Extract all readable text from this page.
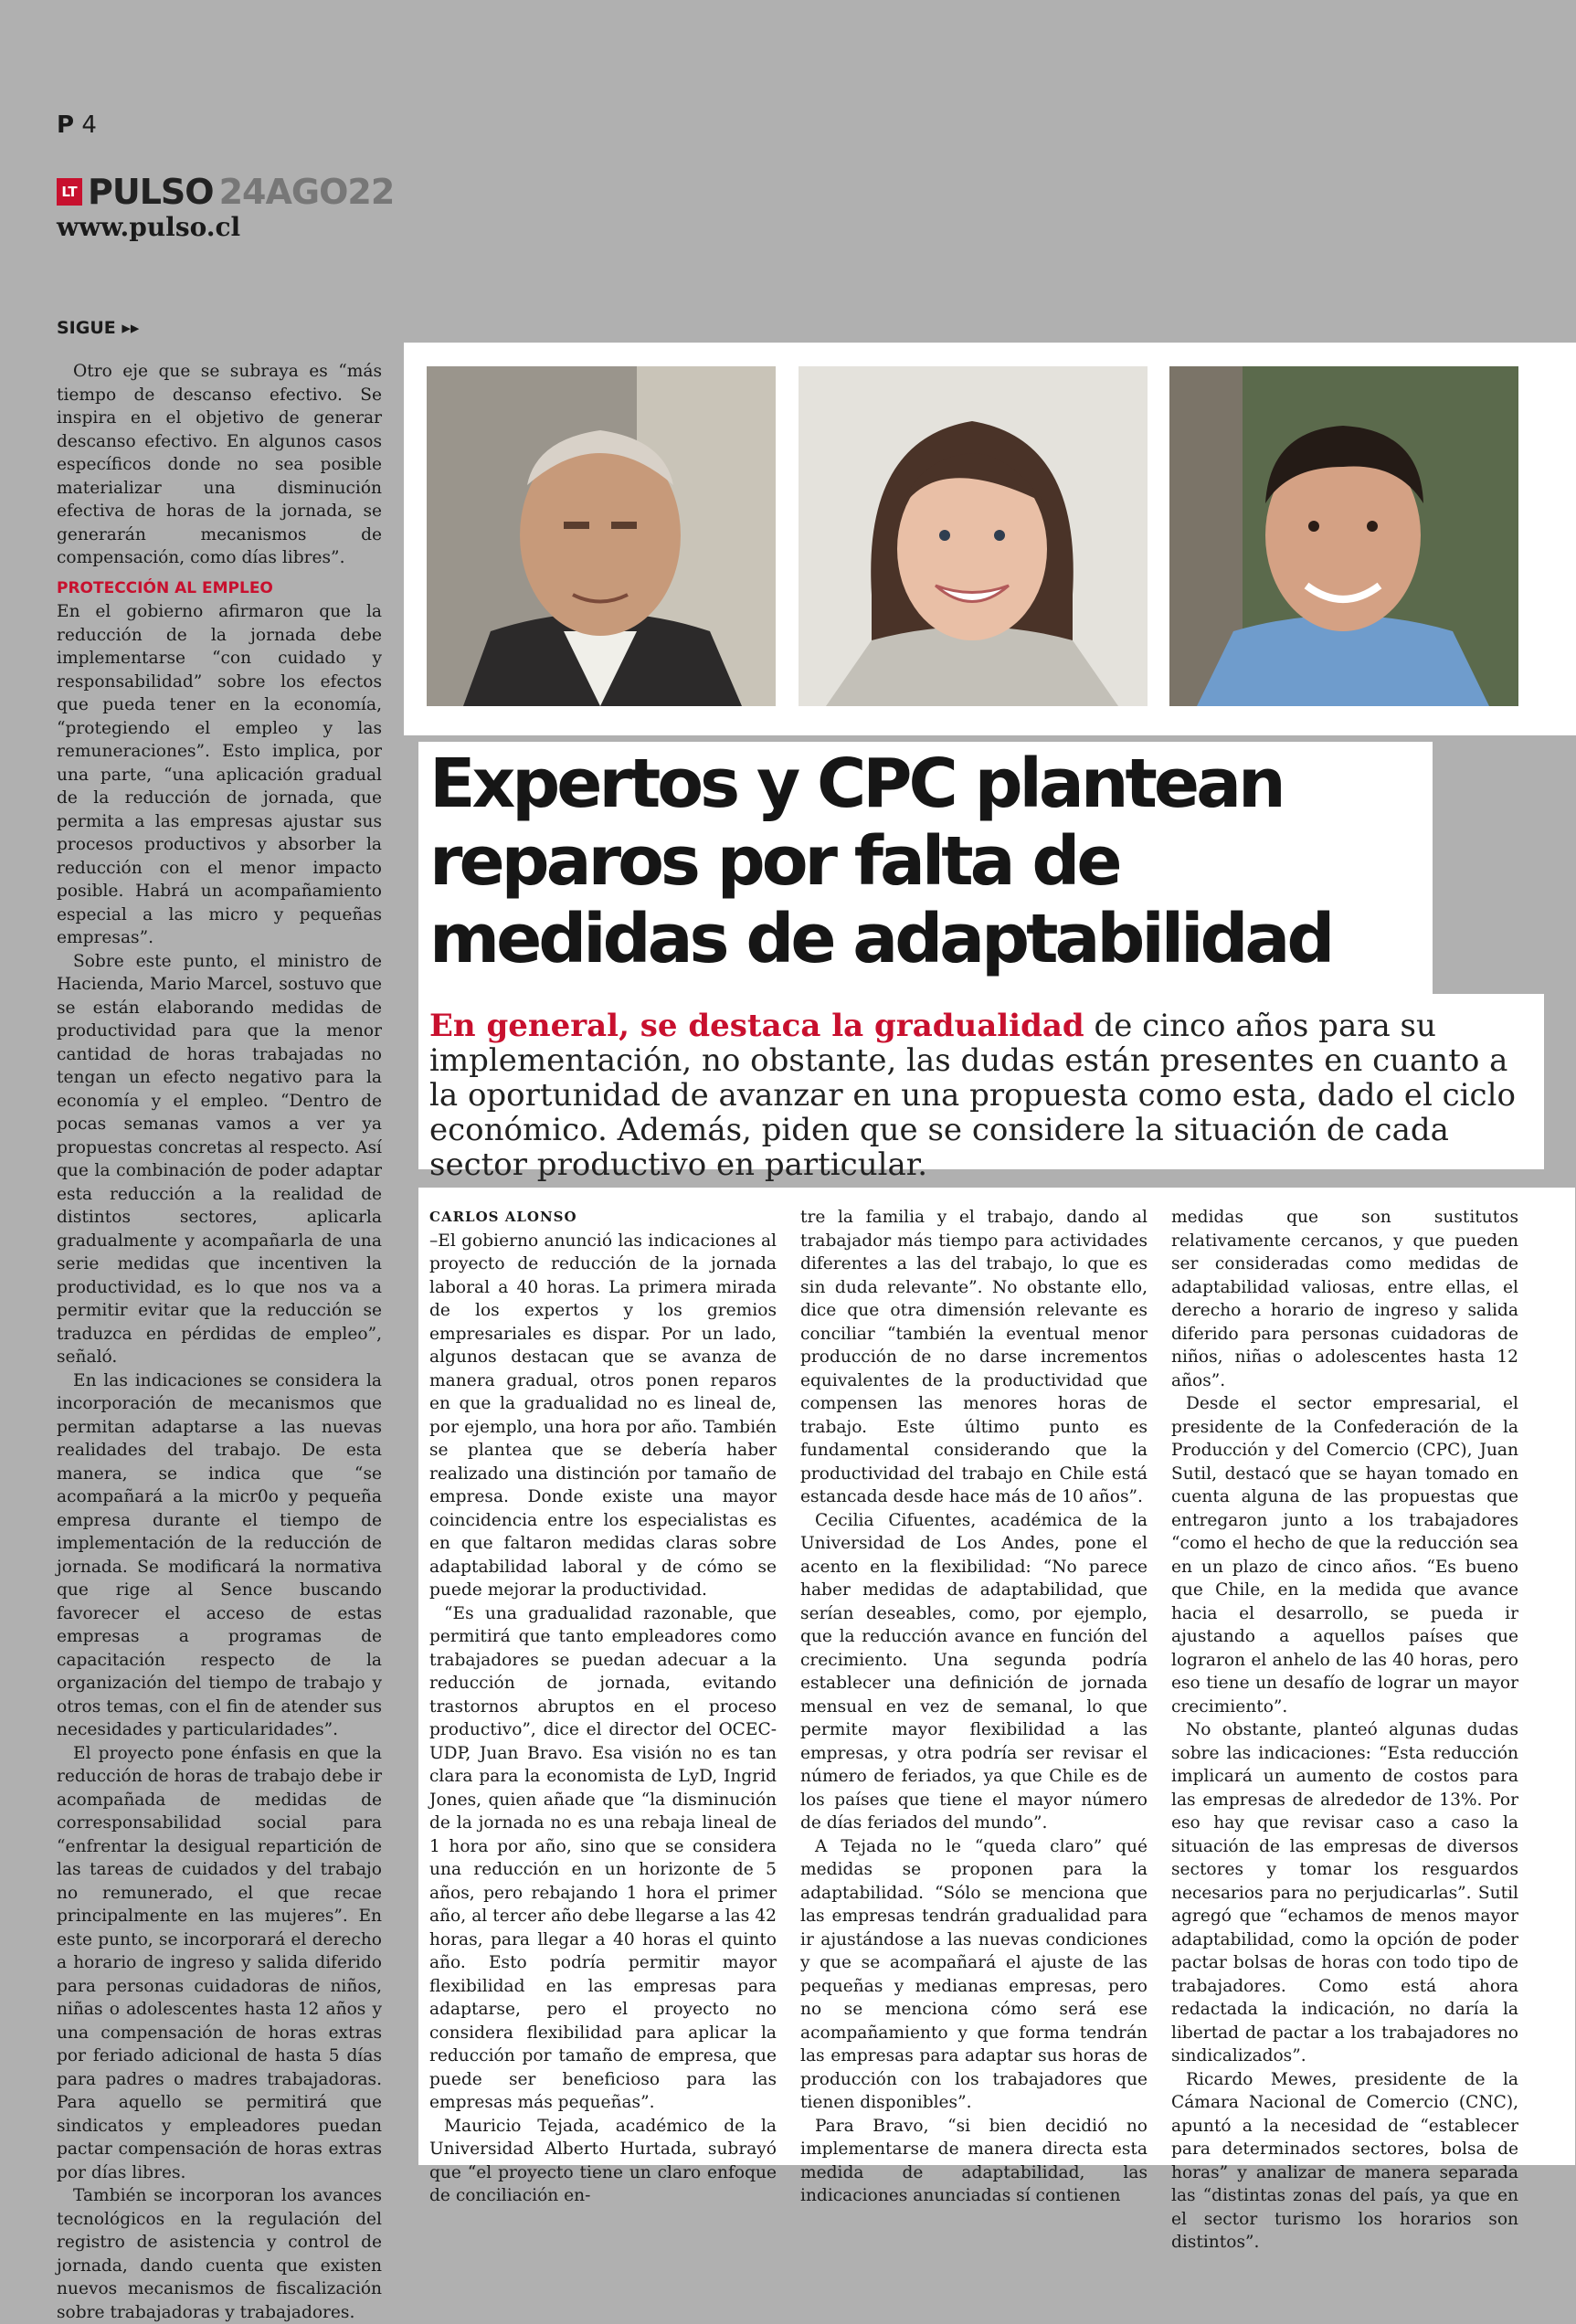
P 4
LT PULSO 24AGO22
www.pulso.cl
SIGUE ▸▸

Otro eje que se subraya es “más tiempo de descanso efectivo. Se inspira en el objetivo de generar descanso efectivo. En algunos casos específicos donde no sea posible materializar una disminución efectiva de horas de la jornada, se generarán mecanismos de compensación, como días libres”.

PROTECCIÓN AL EMPLEO

En el gobierno afirmaron que la reducción de la jornada debe implementarse “con cuidado y responsabilidad” sobre los efectos que pueda tener en la economía, “protegiendo el empleo y las remuneraciones”. Esto implica, por una parte, “una aplicación gradual de la reducción de jornada, que permita a las empresas ajustar sus procesos productivos y absorber la reducción con el menor impacto posible. Habrá un acompañamiento especial a las micro y pequeñas empresas”.

Sobre este punto, el ministro de Hacienda, Mario Marcel, sostuvo que se están elaborando medidas de productividad para que la menor cantidad de horas trabajadas no tengan un efecto negativo para la economía y el empleo. “Dentro de pocas semanas vamos a ver ya propuestas concretas al respecto. Así que la combinación de poder adaptar esta reducción a la realidad de distintos sectores, aplicarla gradualmente y acompañarla de una serie medidas que incentiven la productividad, es lo que nos va a permitir evitar que la reducción se traduzca en pérdidas de empleo”, señaló.

En las indicaciones se considera la incorporación de mecanismos que permitan adaptarse a las nuevas realidades del trabajo. De esta manera, se indica que “se acompañará a la micr0o y pequeña empresa durante el tiempo de implementación de la reducción de jornada. Se modificará la normativa que rige al Sence buscando favorecer el acceso de estas empresas a programas de capacitación respecto de la organización del tiempo de trabajo y otros temas, con el fin de atender sus necesidades y particularidades”.

El proyecto pone énfasis en que la reducción de horas de trabajo debe ir acompañada de medidas de corresponsabilidad social para “enfrentar la desigual repartición de las tareas de cuidados y del trabajo no remunerado, el que recae principalmente en las mujeres”. En este punto, se incorporará el derecho a horario de ingreso y salida diferido para personas cuidadoras de niños, niñas o adolescentes hasta 12 años y una compensación de horas extras por feriado adicional de hasta 5 días para padres o madres trabajadoras. Para aquello se permitirá que sindicatos y empleadores puedan pactar compensación de horas extras por días libres.

También se incorporan los avances tecnológicos en la regulación del registro de asistencia y control de jornada, dando cuenta que existen nuevos mecanismos de fiscalización sobre trabajadoras y trabajadores.

Expertos y CPC plantean reparos por falta de medidas de adaptabilidad
En general, se destaca la gradualidad de cinco años para su implementación, no obstante, las dudas están presentes en cuanto a la oportunidad de avanzar en una propuesta como esta, dado el ciclo económico. Además, piden que se considere la situación de cada sector productivo en particular.

CARLOS ALONSO

–El gobierno anunció las indicaciones al proyecto de reducción de la jornada laboral a 40 horas. La primera mirada de los expertos y los gremios empresariales es dispar. Por un lado, algunos destacan que se avanza de manera gradual, otros ponen reparos en que la gradualidad no es lineal de, por ejemplo, una hora por año. También se plantea que se debería haber realizado una distinción por tamaño de empresa. Donde existe una mayor coincidencia entre los especialistas es en que faltaron medidas claras sobre adaptabilidad laboral y de cómo se puede mejorar la productividad.

“Es una gradualidad razonable, que permitirá que tanto empleadores como trabajadores se puedan adecuar a la reducción de jornada, evitando trastornos abruptos en el proceso productivo”, dice el director del OCEC-UDP, Juan Bravo. Esa visión no es tan clara para la economista de LyD, Ingrid Jones, quien añade que “la disminución de la jornada no es una rebaja lineal de 1 hora por año, sino que se considera una reducción en un horizonte de 5 años, pero rebajando 1 hora el primer año, al tercer año debe llegarse a las 42 horas, para llegar a 40 horas el quinto año. Esto podría permitir mayor flexibilidad en las empresas para adaptarse, pero el proyecto no considera flexibilidad para aplicar la reducción por tamaño de empresa, que puede ser beneficioso para las empresas más pequeñas”.

Mauricio Tejada, académico de la Universidad Alberto Hurtada, subrayó que “el proyecto tiene un claro enfoque de conciliación en-

tre la familia y el trabajo, dando al trabajador más tiempo para actividades diferentes a las del trabajo, lo que es sin duda relevante”. No obstante ello, dice que otra dimensión relevante es conciliar “también la eventual menor producción de no darse incrementos equivalentes de la productividad que compensen las menores horas de trabajo. Este último punto es fundamental considerando que la productividad del trabajo en Chile está estancada desde hace más de 10 años”.

Cecilia Cifuentes, académica de la Universidad de Los Andes, pone el acento en la flexibilidad: “No parece haber medidas de adaptabilidad, que serían deseables, como, por ejemplo, que la reducción avance en función del crecimiento. Una segunda podría establecer una definición de jornada mensual en vez de semanal, lo que permite mayor flexibilidad a las empresas, y otra podría ser revisar el número de feriados, ya que Chile es de los países que tiene el mayor número de días feriados del mundo”.

A Tejada no le “queda claro” qué medidas se proponen para la adaptabilidad. “Sólo se menciona que las empresas tendrán gradualidad para ir ajustándose a las nuevas condiciones y que se acompañará el ajuste de las pequeñas y medianas empresas, pero no se menciona cómo será ese acompañamiento y que forma tendrán las empresas para adaptar sus horas de producción con los trabajadores que tienen disponibles”.

Para Bravo, “si bien decidió no implementarse de manera directa esta medida de adaptabilidad, las indicaciones anunciadas sí contienen

medidas que son sustitutos relativamente cercanos, y que pueden ser consideradas como medidas de adaptabilidad valiosas, entre ellas, el derecho a horario de ingreso y salida diferido para personas cuidadoras de niños, niñas o adolescentes hasta 12 años”.

Desde el sector empresarial, el presidente de la Confederación de la Producción y del Comercio (CPC), Juan Sutil, destacó que se hayan tomado en cuenta alguna de las propuestas que entregaron junto a los trabajadores “como el hecho de que la reducción sea en un plazo de cinco años. “Es bueno que Chile, en la medida que avance hacia el desarrollo, se pueda ir ajustando a aquellos países que lograron el anhelo de las 40 horas, pero eso tiene un desafío de lograr un mayor crecimiento”.

No obstante, planteó algunas dudas sobre las indicaciones: “Esta reducción implicará un aumento de costos para las empresas de alrededor de 13%. Por eso hay que revisar caso a caso la situación de las empresas de diversos sectores y tomar los resguardos necesarios para no perjudicarlas”. Sutil agregó que “echamos de menos mayor adaptabilidad, como la opción de poder pactar bolsas de horas con todo tipo de trabajadores. Como está ahora redactada la indicación, no daría la libertad de pactar a los trabajadores no sindicalizados”.

Ricardo Mewes, presidente de la Cámara Nacional de Comercio (CNC), apuntó a la necesidad de “establecer para determinados sectores, bolsa de horas” y analizar de manera separada las “distintas zonas del país, ya que en el sector turismo los horarios son distintos”.
